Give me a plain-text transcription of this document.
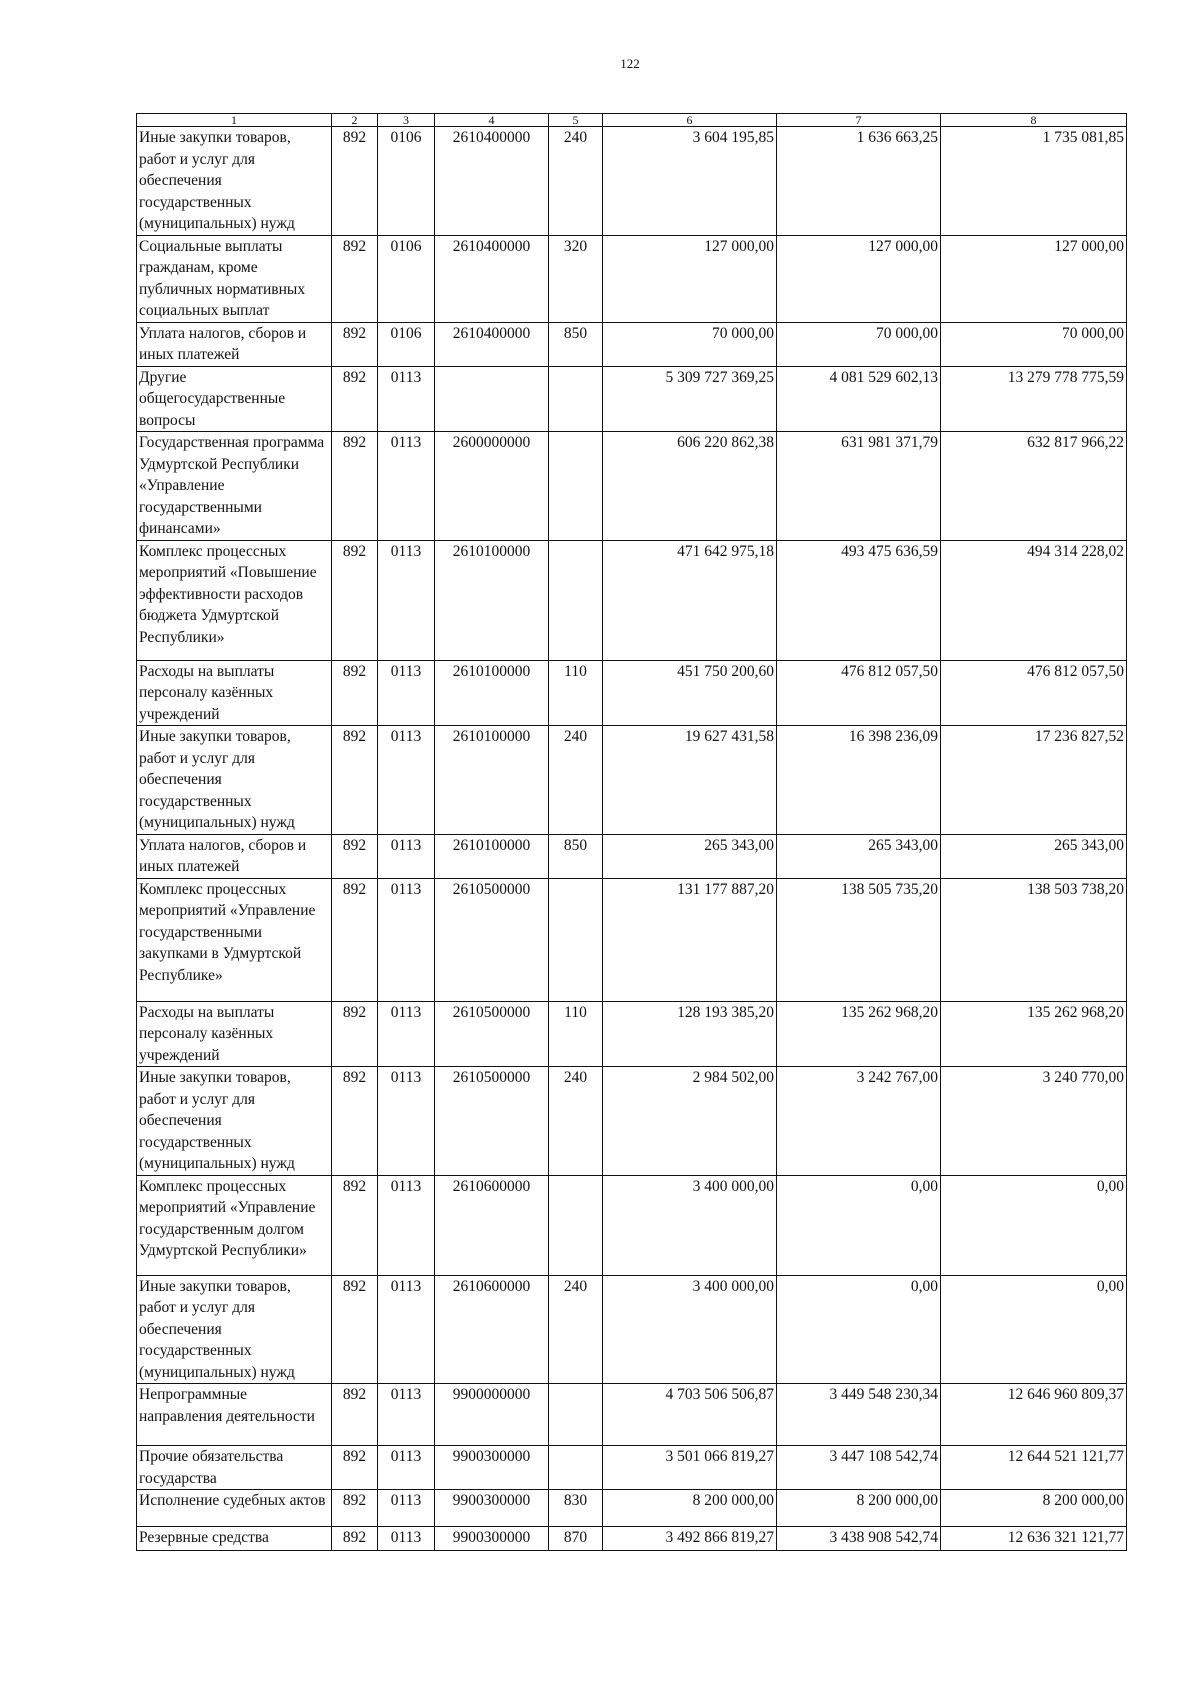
122
1	2	3	4	5	6	7	8
Иные закупки товаров, работ и услуг для обеспечения государственных (муниципальных) нужд	892	0106	2610400000	240	3 604 195,85	1 636 663,25	1 735 081,85
Социальные выплаты гражданам, кроме публичных нормативных социальных выплат	892	0106	2610400000	320	127 000,00	127 000,00	127 000,00
Уплата налогов, сборов и иных платежей	892	0106	2610400000	850	70 000,00	70 000,00	70 000,00
Другие общегосударственные вопросы	892	0113			5 309 727 369,25	4 081 529 602,13	13 279 778 775,59
Государственная программа Удмуртской Республики «Управление государственными финансами»	892	0113	2600000000		606 220 862,38	631 981 371,79	632 817 966,22
Комплекс процессных мероприятий «Повышение эффективности расходов бюджета Удмуртской Республики»	892	0113	2610100000		471 642 975,18	493 475 636,59	494 314 228,02
Расходы на выплаты персоналу казённых учреждений	892	0113	2610100000	110	451 750 200,60	476 812 057,50	476 812 057,50
Иные закупки товаров, работ и услуг для обеспечения государственных (муниципальных) нужд	892	0113	2610100000	240	19 627 431,58	16 398 236,09	17 236 827,52
Уплата налогов, сборов и иных платежей	892	0113	2610100000	850	265 343,00	265 343,00	265 343,00
Комплекс процессных мероприятий «Управление государственными закупками в Удмуртской Республике»	892	0113	2610500000		131 177 887,20	138 505 735,20	138 503 738,20
Расходы на выплаты персоналу казённых учреждений	892	0113	2610500000	110	128 193 385,20	135 262 968,20	135 262 968,20
Иные закупки товаров, работ и услуг для обеспечения государственных (муниципальных) нужд	892	0113	2610500000	240	2 984 502,00	3 242 767,00	3 240 770,00
Комплекс процессных мероприятий «Управление государственным долгом Удмуртской Республики»	892	0113	2610600000		3 400 000,00	0,00	0,00
Иные закупки товаров, работ и услуг для обеспечения государственных (муниципальных) нужд	892	0113	2610600000	240	3 400 000,00	0,00	0,00
Непрограммные направления деятельности	892	0113	9900000000		4 703 506 506,87	3 449 548 230,34	12 646 960 809,37
Прочие обязательства государства	892	0113	9900300000		3 501 066 819,27	3 447 108 542,74	12 644 521 121,77
Исполнение судебных актов	892	0113	9900300000	830	8 200 000,00	8 200 000,00	8 200 000,00
Резервные средства	892	0113	9900300000	870	3 492 866 819,27	3 438 908 542,74	12 636 321 121,77
